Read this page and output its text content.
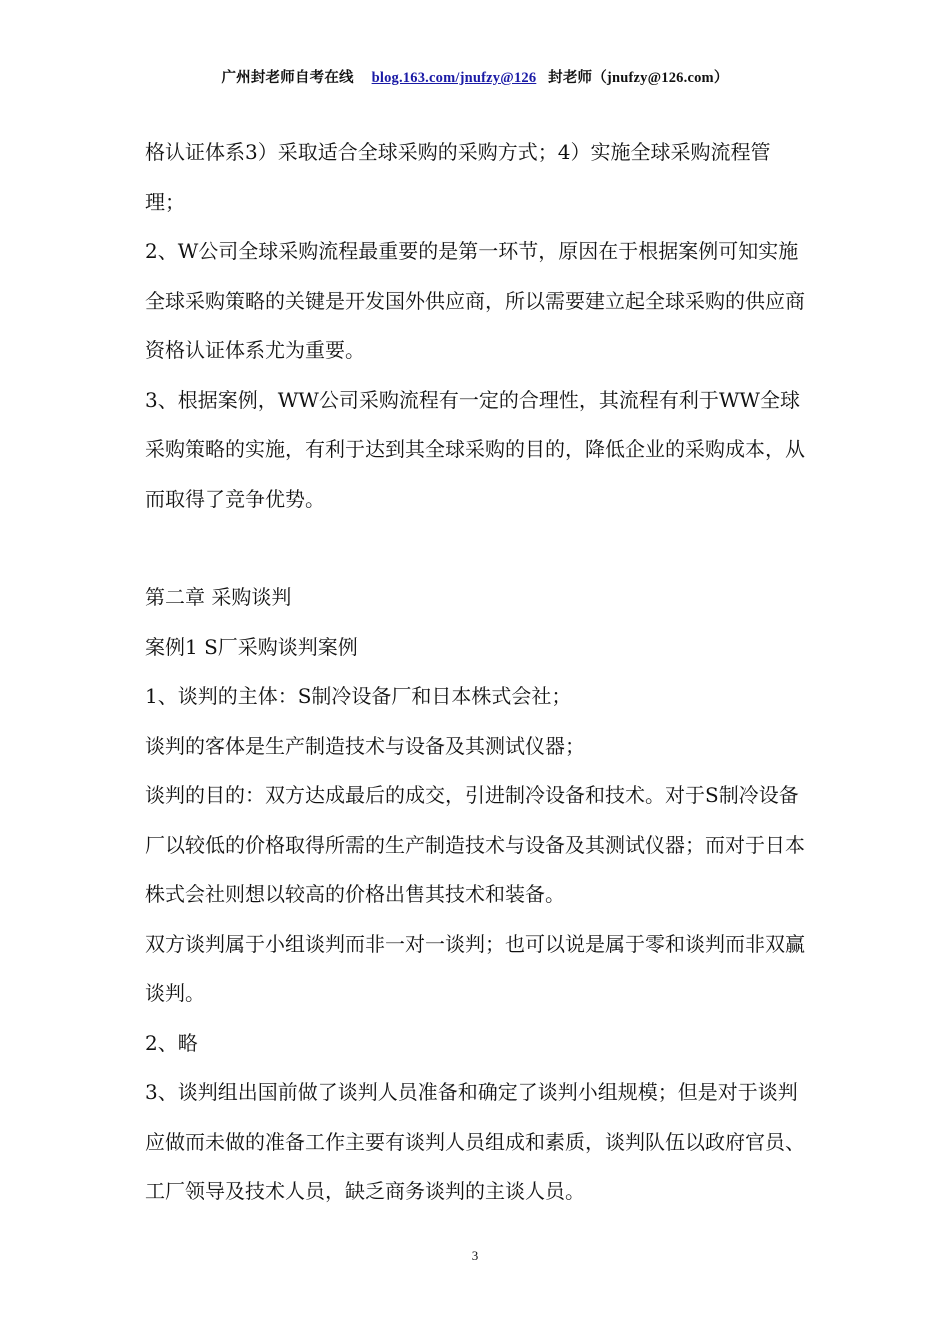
广州封老师自考在线 blog.163.com/jnufzy@126 封老师（jnufzy@126.com）

格认证体系3）采取适合全球采购的采购方式；4）实施全球采购流程管理；

2、W公司全球采购流程最重要的是第一环节，原因在于根据案例可知实施全球采购策略的关键是开发国外供应商，所以需要建立起全球采购的供应商资格认证体系尤为重要。

3、根据案例，WW公司采购流程有一定的合理性，其流程有利于WW全球采购策略的实施，有利于达到其全球采购的目的，降低企业的采购成本，从而取得了竞争优势。

第二章 采购谈判

案例1 S厂采购谈判案例

1、谈判的主体：S制冷设备厂和日本株式会社；

谈判的客体是生产制造技术与设备及其测试仪器；

谈判的目的：双方达成最后的成交，引进制冷设备和技术。对于S制冷设备厂以较低的价格取得所需的生产制造技术与设备及其测试仪器；而对于日本株式会社则想以较高的价格出售其技术和装备。

双方谈判属于小组谈判而非一对一谈判；也可以说是属于零和谈判而非双赢谈判。

2、略

3、谈判组出国前做了谈判人员准备和确定了谈判小组规模；但是对于谈判应做而未做的准备工作主要有谈判人员组成和素质，谈判队伍以政府官员、工厂领导及技术人员，缺乏商务谈判的主谈人员。

3
